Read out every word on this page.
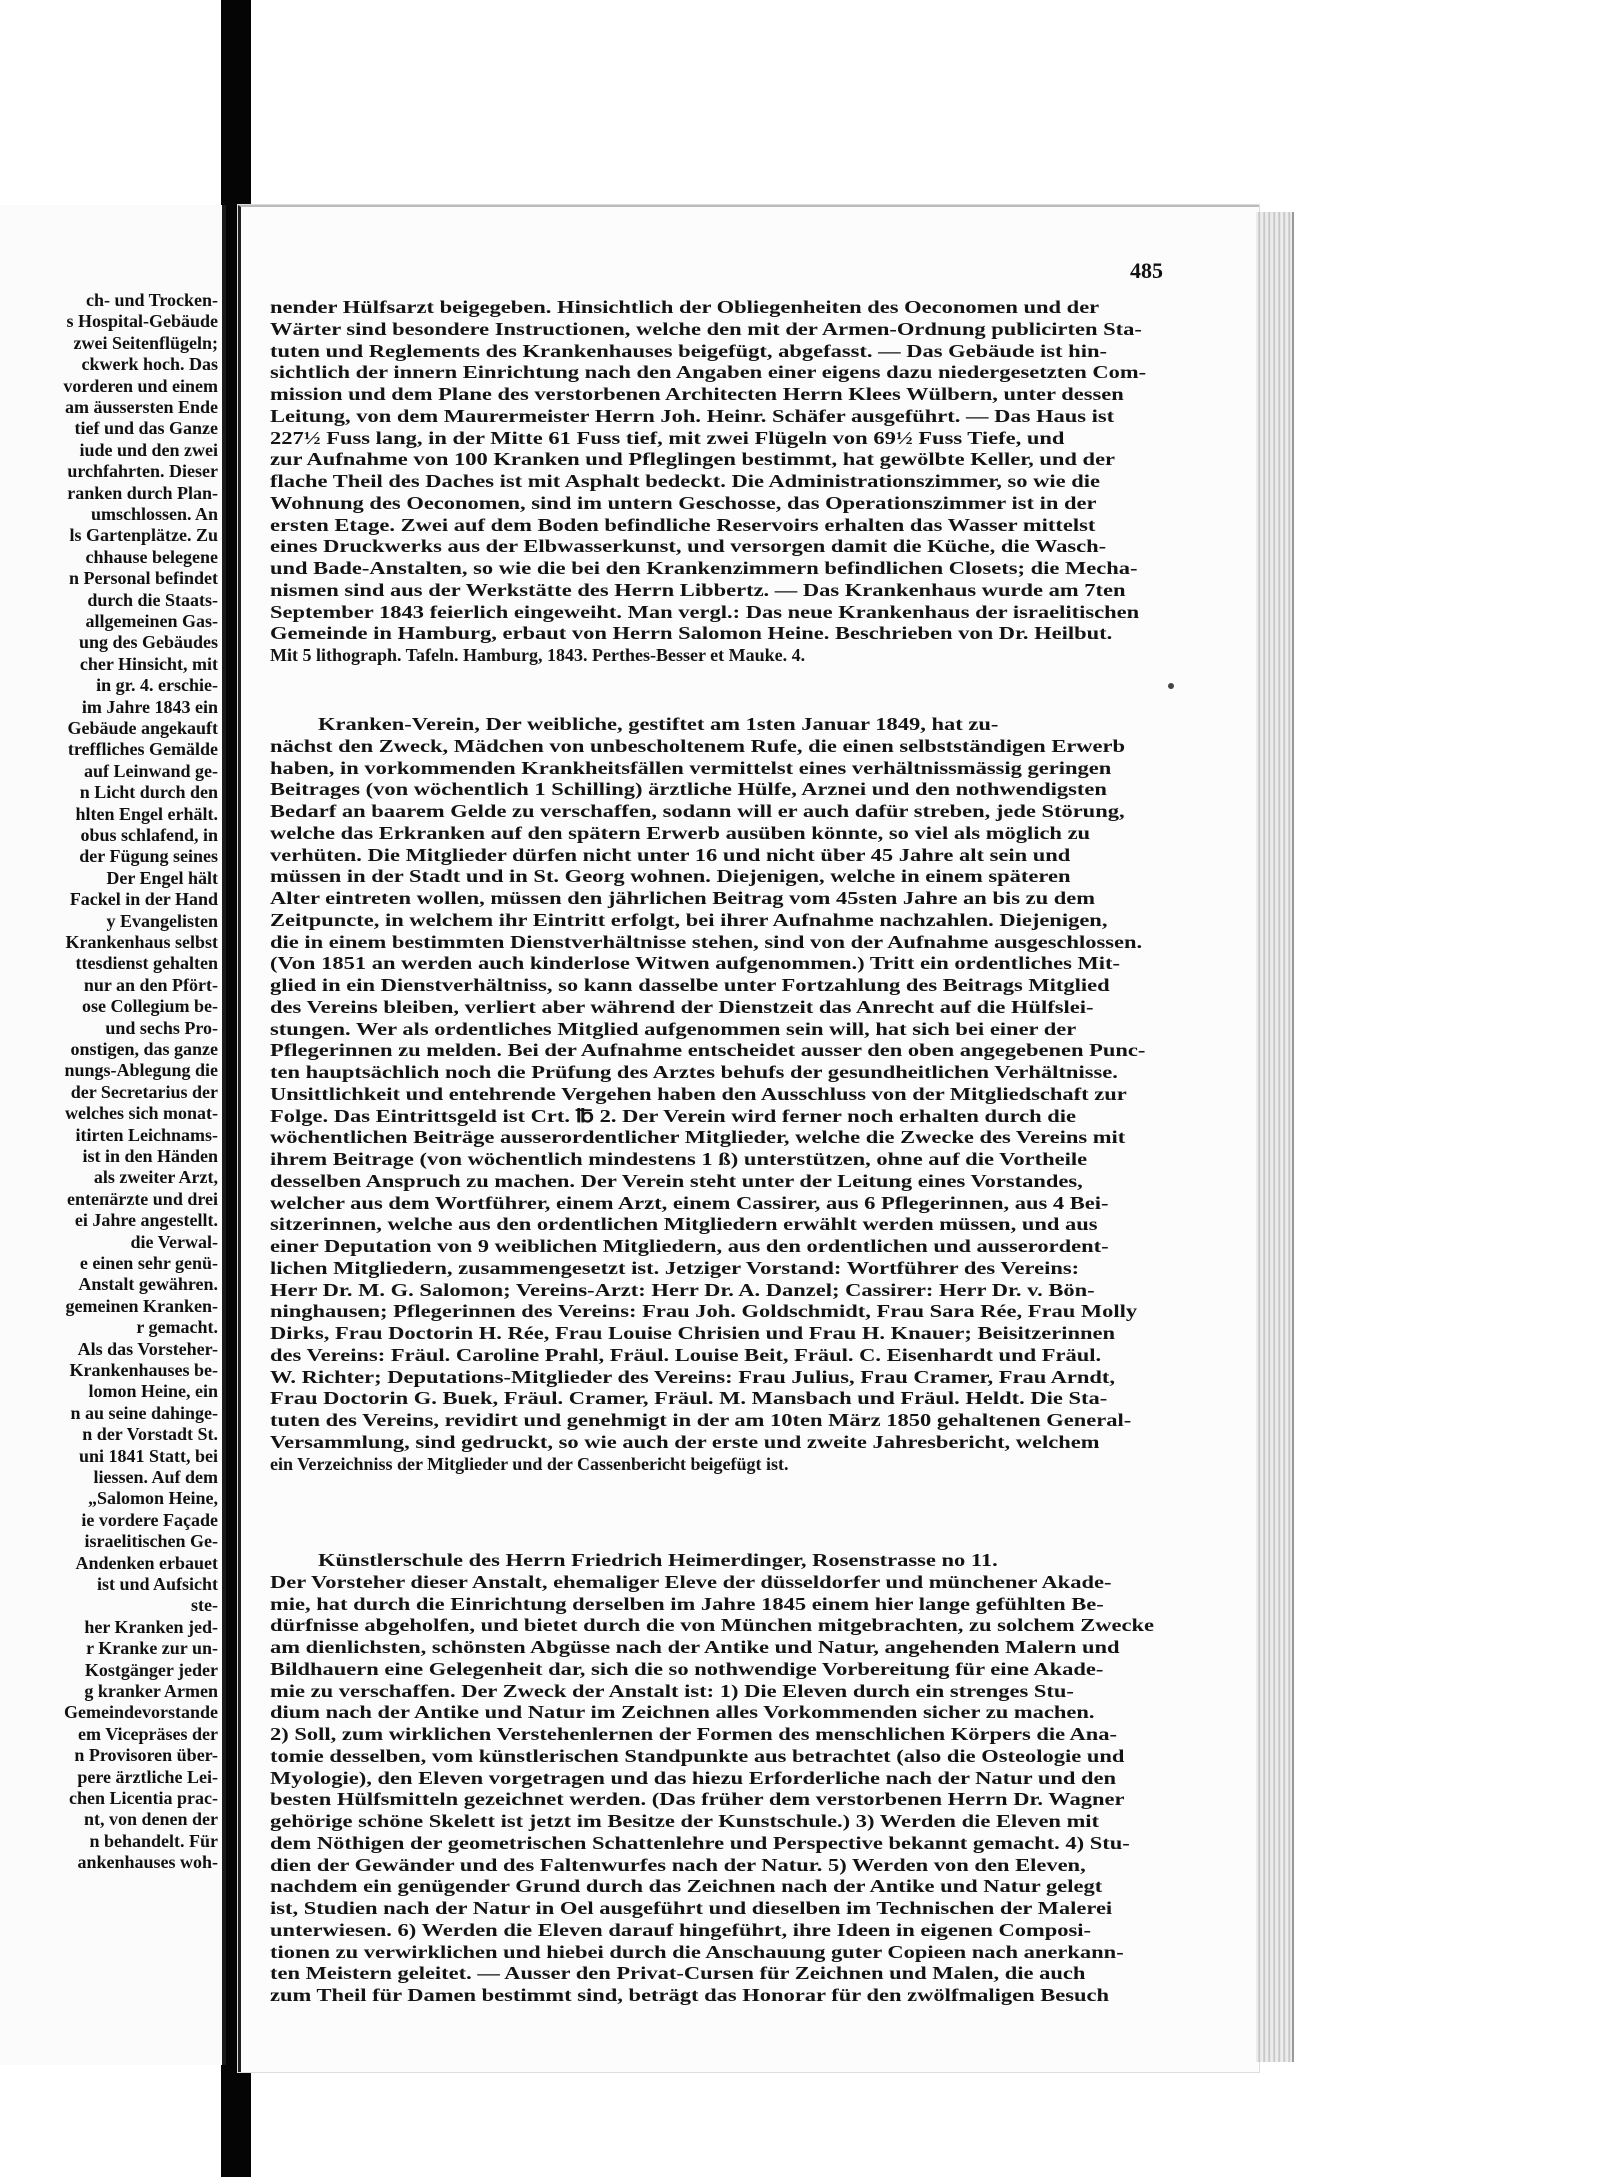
ch- und Trocken-
s Hospital-Gebäude
zwei Seitenflügeln;
ckwerk hoch. Das
vorderen und einem
am äussersten Ende
tief und das Ganze
iude und den zwei
urchfahrten. Dieser
ranken durch Plan-
umschlossen. An
ls Gartenplätze. Zu
chhause belegene
n Personal befindet
durch die Staats-
allgemeinen Gas-
ung des Gebäudes
cher Hinsicht, mit
in gr. 4. erschie-
im Jahre 1843 ein
Gebäude angekauft
treffliches Gemälde
auf Leinwand ge-
n Licht durch den
hlten Engel erhält.
obus schlafend, in
der Fügung seines
Der Engel hält
Fackel in der Hand
y Evangelisten
Krankenhaus selbst
ttesdienst gehalten
nur an den Pfört-
ose Collegium be-
und sechs Pro-
onstigen, das ganze
nungs-Ablegung die
der Secretarius der
welches sich monat-
itirten Leichnams-
ist in den Händen
als zweiter Arzt,
enteпärzte und drei
ei Jahre angestellt.
die Verwal-
e einen sehr genü-
Anstalt gewähren.
gemeinen Kranken-
r gemacht.
Als das Vorsteher-
Krankenhauses be-
lomon Heine, ein
n au seine dahinge-
n der Vorstadt St.
uni 1841 Statt, bei
liessen. Auf dem
„Salomon Heine,
ie vordere Façade
israelitischen Ge-
Andenken erbauet
ist und Aufsicht
ste-
her Kranken jed-
r Kranke zur un-
Kostgänger jeder
g kranker Armen
Gemeindevorstande
em Vicepräses der
n Provisoren über-
pere ärztliche Lei-
chen Licentia prac-
nt, von denen der
n behandelt. Für
ankenhauses woh-
485
nender Hülfsarzt beigegeben. Hinsichtlich der Obliegenheiten des Oeconomen und der
Wärter sind besondere Instructionen, welche den mit der Armen-Ordnung publicirten Sta-
tuten und Reglements des Krankenhauses beigefügt, abgefasst. — Das Gebäude ist hin-
sichtlich der innern Einrichtung nach den Angaben einer eigens dazu niedergesetzten Com-
mission und dem Plane des verstorbenen Architecten Herrn Klees Wülbern, unter dessen
Leitung, von dem Maurermeister Herrn Joh. Heinr. Schäfer ausgeführt. — Das Haus ist
227½ Fuss lang, in der Mitte 61 Fuss tief, mit zwei Flügeln von 69½ Fuss Tiefe, und
zur Aufnahme von 100 Kranken und Pfleglingen bestimmt, hat gewölbte Keller, und der
flache Theil des Daches ist mit Asphalt bedeckt. Die Administrationszimmer, so wie die
Wohnung des Oeconomen, sind im untern Geschosse, das Operationszimmer ist in der
ersten Etage. Zwei auf dem Boden befindliche Reservoirs erhalten das Wasser mittelst
eines Druckwerks aus der Elbwasserkunst, und versorgen damit die Küche, die Wasch-
und Bade-Anstalten, so wie die bei den Krankenzimmern befindlichen Closets; die Mecha-
nismen sind aus der Werkstätte des Herrn Libbertz. — Das Krankenhaus wurde am 7ten
September 1843 feierlich eingeweiht. Man vergl.: Das neue Krankenhaus der israelitischen
Gemeinde in Hamburg, erbaut von Herrn Salomon Heine. Beschrieben von Dr. Heilbut.
Mit 5 lithograph. Tafeln. Hamburg, 1843. Perthes-Besser et Mauke. 4.
Kranken-Verein, Der weibliche, gestiftet am 1sten Januar 1849, hat zu-
nächst den Zweck, Mädchen von unbescholtenem Rufe, die einen selbstständigen Erwerb
haben, in vorkommenden Krankheitsfällen vermittelst eines verhältnissmässig geringen
Beitrages (von wöchentlich 1 Schilling) ärztliche Hülfe, Arznei und den nothwendigsten
Bedarf an baarem Gelde zu verschaffen, sodann will er auch dafür streben, jede Störung,
welche das Erkranken auf den spätern Erwerb ausüben könnte, so viel als möglich zu
verhüten. Die Mitglieder dürfen nicht unter 16 und nicht über 45 Jahre alt sein und
müssen in der Stadt und in St. Georg wohnen. Diejenigen, welche in einem späteren
Alter eintreten wollen, müssen den jährlichen Beitrag vom 45sten Jahre an bis zu dem
Zeitpuncte, in welchem ihr Eintritt erfolgt, bei ihrer Aufnahme nachzahlen. Diejenigen,
die in einem bestimmten Dienstverhältnisse stehen, sind von der Aufnahme ausgeschlossen.
(Von 1851 an werden auch kinderlose Witwen aufgenommen.) Tritt ein ordentliches Mit-
glied in ein Dienstverhältniss, so kann dasselbe unter Fortzahlung des Beitrags Mitglied
des Vereins bleiben, verliert aber während der Dienstzeit das Anrecht auf die Hülfslei-
stungen. Wer als ordentliches Mitglied aufgenommen sein will, hat sich bei einer der
Pflegerinnen zu melden. Bei der Aufnahme entscheidet ausser den oben angegebenen Punc-
ten hauptsächlich noch die Prüfung des Arztes behufs der gesundheitlichen Verhältnisse.
Unsittlichkeit und entehrende Vergehen haben den Ausschluss von der Mitgliedschaft zur
Folge. Das Eintrittsgeld ist Crt. ℔ 2. Der Verein wird ferner noch erhalten durch die
wöchentlichen Beiträge ausserordentlicher Mitglieder, welche die Zwecke des Vereins mit
ihrem Beitrage (von wöchentlich mindestens 1 ß) unterstützen, ohne auf die Vortheile
desselben Anspruch zu machen. Der Verein steht unter der Leitung eines Vorstandes,
welcher aus dem Wortführer, einem Arzt, einem Cassirer, aus 6 Pflegerinnen, aus 4 Bei-
sitzerinnen, welche aus den ordentlichen Mitgliedern erwählt werden müssen, und aus
einer Deputation von 9 weiblichen Mitgliedern, aus den ordentlichen und ausserordent-
lichen Mitgliedern, zusammengesetzt ist. Jetziger Vorstand: Wortführer des Vereins:
Herr Dr. M. G. Salomon; Vereins-Arzt: Herr Dr. A. Danzel; Cassirer: Herr Dr. v. Bön-
ninghausen; Pflegerinnen des Vereins: Frau Joh. Goldschmidt, Frau Sara Rée, Frau Molly
Dirks, Frau Doctorin H. Rée, Frau Louise Chrisien und Frau H. Knauer; Beisitzerinnen
des Vereins: Fräul. Caroline Prahl, Fräul. Louise Beit, Fräul. C. Eisenhardt und Fräul.
W. Richter; Deputations-Mitglieder des Vereins: Frau Julius, Frau Cramer, Frau Arndt,
Frau Doctorin G. Buek, Fräul. Cramer, Fräul. M. Mansbach und Fräul. Heldt. Die Sta-
tuten des Vereins, revidirt und genehmigt in der am 10ten März 1850 gehaltenen General-
Versammlung, sind gedruckt, so wie auch der erste und zweite Jahresbericht, welchem
ein Verzeichniss der Mitglieder und der Cassenbericht beigefügt ist.
Künstlerschule des Herrn Friedrich Heimerdinger, Rosenstrasse no 11.
Der Vorsteher dieser Anstalt, ehemaliger Eleve der düsseldorfer und münchener Akade-
mie, hat durch die Einrichtung derselben im Jahre 1845 einem hier lange gefühlten Be-
dürfnisse abgeholfen, und bietet durch die von München mitgebrachten, zu solchem Zwecke
am dienlichsten, schönsten Abgüsse nach der Antike und Natur, angehenden Malern und
Bildhauern eine Gelegenheit dar, sich die so nothwendige Vorbereitung für eine Akade-
mie zu verschaffen. Der Zweck der Anstalt ist: 1) Die Eleven durch ein strenges Stu-
dium nach der Antike und Natur im Zeichnen alles Vorkommenden sicher zu machen.
2) Soll, zum wirklichen Verstehenlernen der Formen des menschlichen Körpers die Ana-
tomie desselben, vom künstlerischen Standpunkte aus betrachtet (also die Osteologie und
Myologie), den Eleven vorgetragen und das hiezu Erforderliche nach der Natur und den
besten Hülfsmitteln gezeichnet werden. (Das früher dem verstorbenen Herrn Dr. Wagner
gehörige schöne Skelett ist jetzt im Besitze der Kunstschule.) 3) Werden die Eleven mit
dem Nöthigen der geometrischen Schattenlehre und Perspective bekannt gemacht. 4) Stu-
dien der Gewänder und des Faltenwurfes nach der Natur. 5) Werden von den Eleven,
nachdem ein genügender Grund durch das Zeichnen nach der Antike und Natur gelegt
ist, Studien nach der Natur in Oel ausgeführt und dieselben im Technischen der Malerei
unterwiesen. 6) Werden die Eleven darauf hingeführt, ihre Ideen in eigenen Composi-
tionen zu verwirklichen und hiebei durch die Anschauung guter Copieen nach anerkann-
ten Meistern geleitet. — Ausser den Privat-Cursen für Zeichnen und Malen, die auch
zum Theil für Damen bestimmt sind, beträgt das Honorar für den zwölfmaligen Besuch
